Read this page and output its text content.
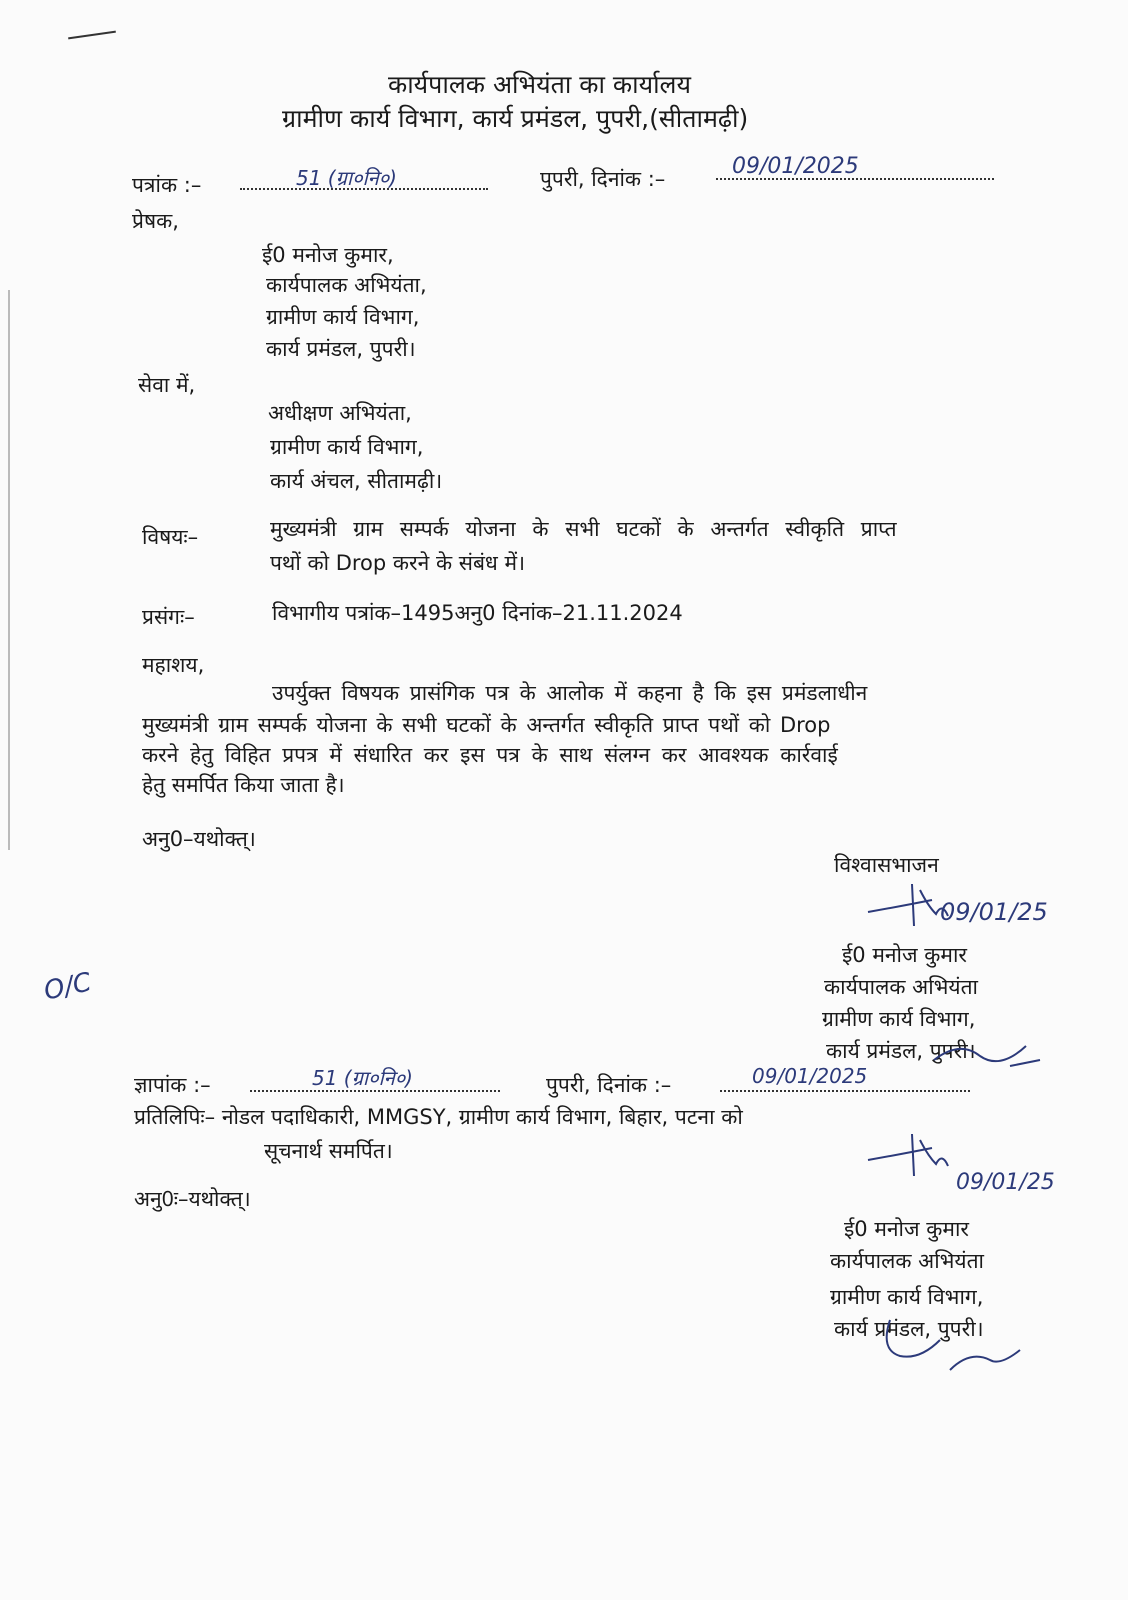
कार्यपालक अभियंता का कार्यालय
ग्रामीण कार्य विभाग, कार्य प्रमंडल, पुपरी,(सीतामढ़ी)
पत्रांक :–	51 (ग्रा०नि०)	पुपरी, दिनांक :–	09/01/2025
प्रेषक,
ई0 मनोज कुमार,
कार्यपालक अभियंता,
ग्रामीण कार्य विभाग,
कार्य प्रमंडल, पुपरी।
सेवा में,
अधीक्षण अभियंता,
ग्रामीण कार्य विभाग,
कार्य अंचल, सीतामढ़ी।
विषयः–	मुख्यमंत्री ग्राम सम्पर्क योजना के सभी घटकों के अन्तर्गत स्वीकृति प्राप्त
पथों को Drop करने के संबंध में।
प्रसंगः–	विभागीय पत्रांक–1495अनु0 दिनांक–21.11.2024
महाशय,
उपर्युक्त विषयक प्रासंगिक पत्र के आलोक में कहना है कि इस प्रमंडलाधीन
मुख्यमंत्री ग्राम सम्पर्क योजना के सभी घटकों के अन्तर्गत स्वीकृति प्राप्त पथों को Drop
करने हेतु विहित प्रपत्र में संधारित कर इस पत्र के साथ संलग्न कर आवश्यक कार्रवाई
हेतु समर्पित किया जाता है।
अनु0–यथोक्त्।
विश्वासभाजन
09/01/25
ई0 मनोज कुमार
कार्यपालक अभियंता
ग्रामीण कार्य विभाग,
कार्य प्रमंडल, पुपरी।
O/C
ज्ञापांक :–	51 (ग्रा०नि०)	पुपरी, दिनांक :–	09/01/2025
प्रतिलिपिः– नोडल पदाधिकारी, MMGSY, ग्रामीण कार्य विभाग, बिहार, पटना को
सूचनार्थ समर्पित।
अनु0ः–यथोक्त्।
09/01/25
ई0 मनोज कुमार
कार्यपालक अभियंता
ग्रामीण कार्य विभाग,
कार्य प्रमंडल, पुपरी।
